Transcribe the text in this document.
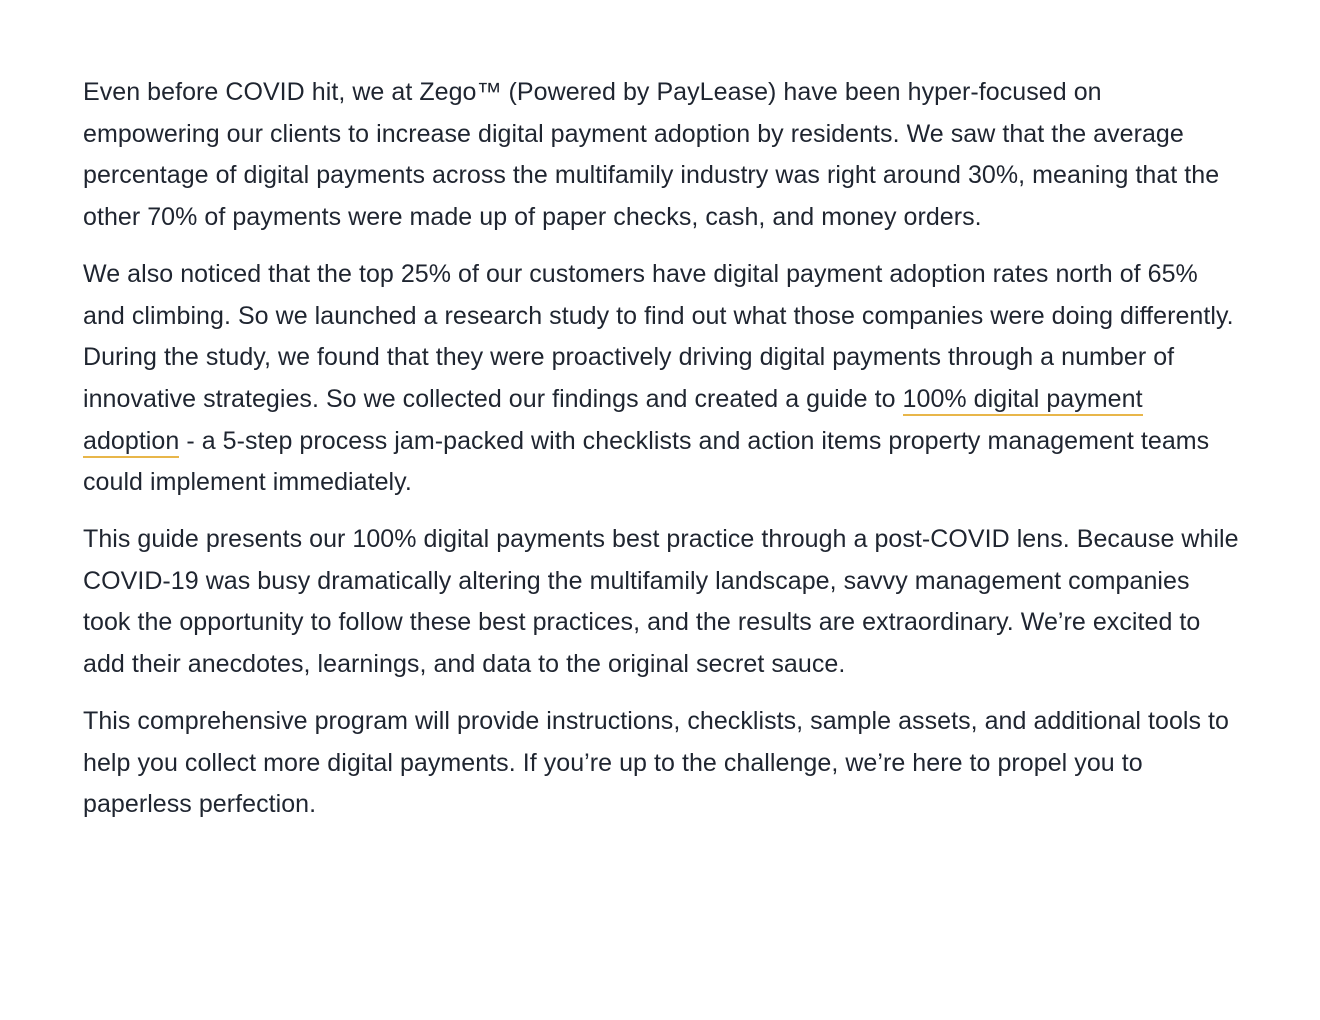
Even before COVID hit, we at Zego™ (Powered by PayLease) have been hyper-focused on empowering our clients to increase digital payment adoption by residents. We saw that the average percentage of digital payments across the multifamily industry was right around 30%, meaning that the other 70% of payments were made up of paper checks, cash, and money orders.

We also noticed that the top 25% of our customers have digital payment adoption rates north of 65% and climbing. So we launched a research study to find out what those companies were doing differently. During the study, we found that they were proactively driving digital payments through a number of innovative strategies. So we collected our findings and created a guide to 100% digital payment adoption - a 5-step process jam-packed with checklists and action items property management teams could implement immediately.

This guide presents our 100% digital payments best practice through a post-COVID lens. Because while COVID-19 was busy dramatically altering the multifamily landscape, savvy management companies took the opportunity to follow these best practices, and the results are extraordinary. We’re excited to add their anecdotes, learnings, and data to the original secret sauce.

This comprehensive program will provide instructions, checklists, sample assets, and additional tools to help you collect more digital payments. If you’re up to the challenge, we’re here to propel you to paperless perfection.
